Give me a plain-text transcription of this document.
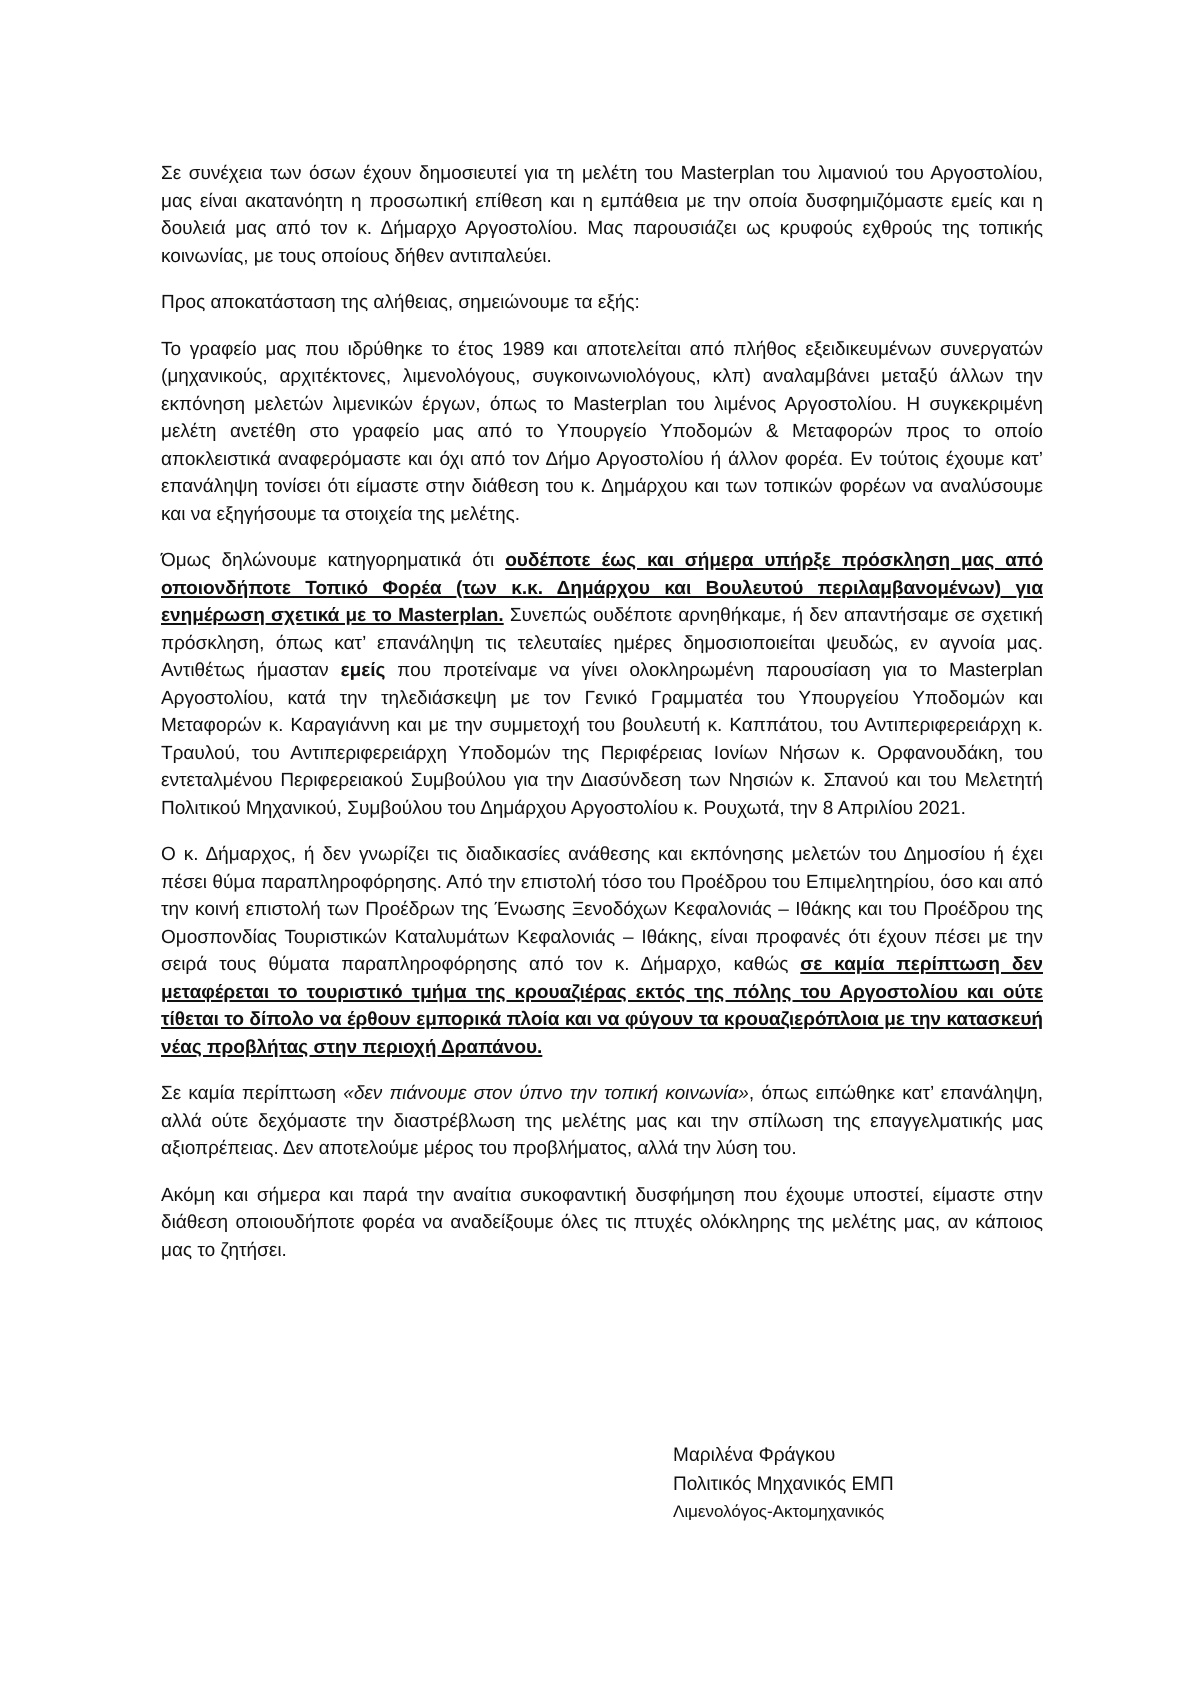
Σε συνέχεια των όσων έχουν δημοσιευτεί για τη μελέτη του Masterplan του λιμανιού του Αργοστολίου, μας είναι ακατανόητη η προσωπική επίθεση και η εμπάθεια με την οποία δυσφημιζόμαστε εμείς και η δουλειά μας από τον κ. Δήμαρχο Αργοστολίου. Μας παρουσιάζει ως κρυφούς εχθρούς της τοπικής κοινωνίας, με τους οποίους δήθεν αντιπαλεύει.

Προς αποκατάσταση της αλήθειας, σημειώνουμε τα εξής:

Το γραφείο μας που ιδρύθηκε το έτος 1989 και αποτελείται από πλήθος εξειδικευμένων συνεργατών (μηχανικούς, αρχιτέκτονες, λιμενολόγους, συγκοινωνιολόγους, κλπ) αναλαμβάνει μεταξύ άλλων την εκπόνηση μελετών λιμενικών έργων, όπως το Masterplan του λιμένος Αργοστολίου. Η συγκεκριμένη μελέτη ανετέθη στο γραφείο μας από το Υπουργείο Υποδομών & Μεταφορών προς το οποίο αποκλειστικά αναφερόμαστε και όχι από τον Δήμο Αργοστολίου ή άλλον φορέα. Εν τούτοις έχουμε κατ’ επανάληψη τονίσει ότι είμαστε στην διάθεση του κ. Δημάρχου και των τοπικών φορέων να αναλύσουμε και να εξηγήσουμε τα στοιχεία της μελέτης.

Όμως δηλώνουμε κατηγορηματικά ότι ουδέποτε έως και σήμερα υπήρξε πρόσκληση μας από οποιονδήποτε Τοπικό Φορέα (των κ.κ. Δημάρχου και Βουλευτού περιλαμβανομένων) για ενημέρωση σχετικά με το Masterplan. Συνεπώς ουδέποτε αρνηθήκαμε, ή δεν απαντήσαμε σε σχετική πρόσκληση, όπως κατ’ επανάληψη τις τελευταίες ημέρες δημοσιοποιείται ψευδώς, εν αγνοία μας. Αντιθέτως ήμασταν εμείς που προτείναμε να γίνει ολοκληρωμένη παρουσίαση για το Masterplan Αργοστολίου, κατά την τηλεδιάσκεψη με τον Γενικό Γραμματέα του Υπουργείου Υποδομών και Μεταφορών κ. Καραγιάννη και με την συμμετοχή του βουλευτή κ. Καππάτου, του Αντιπεριφερειάρχη κ. Τραυλού, του Αντιπεριφερειάρχη Υποδομών της Περιφέρειας Ιονίων Νήσων κ. Ορφανουδάκη, του εντεταλμένου Περιφερειακού Συμβούλου για την Διασύνδεση των Νησιών κ. Σπανού και του Μελετητή Πολιτικού Μηχανικού, Συμβούλου του Δημάρχου Αργοστολίου κ. Ρουχωτά, την 8 Απριλίου 2021.

Ο κ. Δήμαρχος, ή δεν γνωρίζει τις διαδικασίες ανάθεσης και εκπόνησης μελετών του Δημοσίου ή έχει πέσει θύμα παραπληροφόρησης. Από την επιστολή τόσο του Προέδρου του Επιμελητηρίου, όσο και από την κοινή επιστολή των Προέδρων της Ένωσης Ξενοδόχων Κεφαλονιάς – Ιθάκης και του Προέδρου της Ομοσπονδίας Τουριστικών Καταλυμάτων Κεφαλονιάς – Ιθάκης, είναι προφανές ότι έχουν πέσει με την σειρά τους θύματα παραπληροφόρησης από τον κ. Δήμαρχο, καθώς σε καμία περίπτωση δεν μεταφέρεται το τουριστικό τμήμα της κρουαζιέρας εκτός της πόλης του Αργοστολίου και ούτε τίθεται το δίπολο να έρθουν εμπορικά πλοία και να φύγουν τα κρουαζιερόπλοια με την κατασκευή νέας προβλήτας στην περιοχή Δραπάνου.

Σε καμία περίπτωση «δεν πιάνουμε στον ύπνο την τοπική κοινωνία», όπως ειπώθηκε κατ’ επανάληψη, αλλά ούτε δεχόμαστε την διαστρέβλωση της μελέτης μας και την σπίλωση της επαγγελματικής μας αξιοπρέπειας. Δεν αποτελούμε μέρος του προβλήματος, αλλά την λύση του.

Ακόμη και σήμερα και παρά την αναίτια συκοφαντική δυσφήμηση που έχουμε υποστεί, είμαστε στην διάθεση οποιουδήποτε φορέα να αναδείξουμε όλες τις πτυχές ολόκληρης της μελέτης μας, αν κάποιος μας το ζητήσει.

Μαριλένα Φράγκου
Πολιτικός Μηχανικός ΕΜΠ
Λιμενολόγος-Ακτομηχανικός
